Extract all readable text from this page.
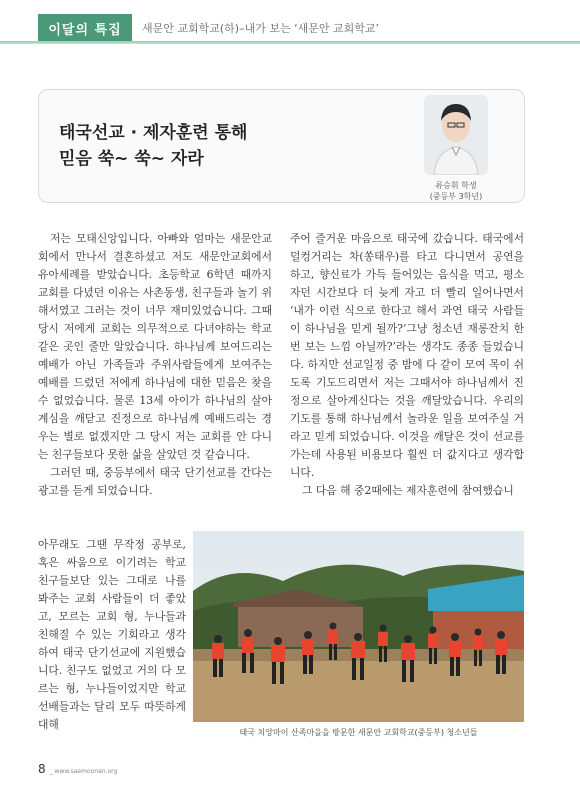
이달의 특집	새문안 교회학교(하)–내가 보는 ‘새문안 교회학교’
태국선교 · 제자훈련 통해
믿음 쑥~ 쑥~ 자라
류승휘 학생
(중등부 3학년)

저는 모태신앙입니다. 아빠와 엄마는 새문안교회에서 만나서 결혼하셨고 저도 새문안교회에서 유아세례를 받았습니다. 초등학교 6학년 때까지 교회를 다녔던 이유는 사촌동생, 친구들과 놀기 위해서였고 그러는 것이 너무 재미있었습니다. 그때 당시 저에게 교회는 의무적으로 다녀야하는 학교 같은 곳인 줄만 알았습니다. 하나님께 보여드리는 예배가 아닌 가족들과 주위사람들에게 보여주는 예배를 드렸던 저에게 하나님에 대한 믿음은 찾을 수 없었습니다. 물론 13세 아이가 하나님의 살아계심을 깨닫고 진정으로 하나님께 예배드리는 경우는 별로 없겠지만 그 당시 저는 교회를 안 다니는 친구들보다 못한 삶을 살았던 것 같습니다.

그러던 때, 중등부에서 태국 단기선교를 간다는 광고를 듣게 되었습니다.

아무래도 그땐 무작정 공부로, 혹은 싸움으로 이기려는 학교 친구들보단 있는 그대로 나를 봐주는 교회 사람들이 더 좋았고, 모르는 교회 형, 누나들과 친해질 수 있는 기회라고 생각하여 태국 단기선교에 지원했습니다. 친구도 없었고 거의 다 모르는 형, 누나들이었지만 학교선배들과는 달리 모두 따뜻하게 대해

주어 즐거운 마음으로 태국에 갔습니다. 태국에서 덜컹거리는 차(쏭태우)를 타고 다니면서 공연을 하고, 향신료가 가득 들어있는 음식을 먹고, 평소 자던 시간보다 더 늦게 자고 더 빨리 일어나면서 ‘내가 이런 식으로 한다고 해서 과연 태국 사람들이 하나님을 믿게 될까?’그냥 청소년 재롱잔치 한 번 보는 느낌 아닐까?’라는 생각도 종종 들었습니다. 하지만 선교일정 중 밤에 다 같이 모여 목이 쉬도록 기도드리면서 저는 그때서야 하나님께서 진정으로 살아계신다는 것을 깨달았습니다. 우리의 기도를 통해 하나님께서 놀라운 일을 보여주실 거라고 믿게 되었습니다. 이것을 깨달은 것이 선교를 가는데 사용된 비용보다 훨씬 더 값지다고 생각합니다.

그 다음 해 중2때에는 제자훈련에 참여했습니

태국 치앙마이 산족마을을 방문한 새문안 교회학교(중등부) 청소년들
8 _ www.saemoonan.org
